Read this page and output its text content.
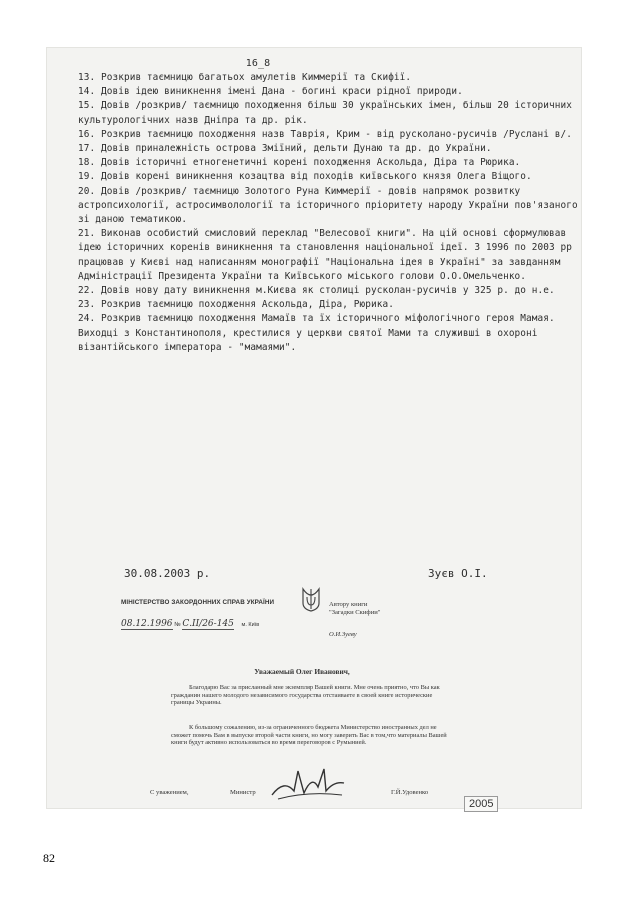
16_8

13. Розкрив таємницю багатьох амулетів Киммерії та Скифії.

14. Довів ідею виникнення імені Дана - богині краси рідної природи.

15. Довів /розкрив/ таємницю походження більш 30 українських імен, більш 20 історичних культурологічних назв Дніпра та др. рік.

16. Розкрив таємницю походження назв Таврія, Крим - від русколано-русичів /Руслані в/.

17. Довів приналежність острова Зміїний, дельти Дунаю та др. до України.

18. Довів історичні етногенетичні корені походження Аскольда, Діра та Рюрика.

19. Довів корені виникнення козацтва від походів київського князя Олега Віщого.

20. Довів /розкрив/ таємницю Золотого Руна Киммерії - довів напрямок розвитку астропсихології, астросимволології та історичного пріоритету народу України пов'язаного зі даною тематикою.

21. Виконав особистий смисловий переклад "Велесової книги". На цій основі сформулював ідею історичних коренів виникнення та становлення національної ідеї. З 1996 по 2003 рр працював у Києві над написанням монографії "Національна ідея в Україні" за завданням Адміністрації Президента України та Київського міського голови О.О.Омельченко.

22. Довів нову дату виникнення м.Києва як столиці русколан-русичів у 325 р. до н.е.

23. Розкрив таємницю походження Аскольда, Діра, Рюрика.

24. Розкрив таємницю походження Мамаїв та їх історичного міфологічного героя Мамая. Виходці з Константинополя, крестилися у церкви святої Мами та служивші в охороні візантійського імператора - "мамаями".

30.08.2003 р.	Зуєв О.І.
МІНІСТЕРСТВО ЗАКОРДОННИХ СПРАВ УКРАЇНИ
08.12.1996 № С.II/26-145 м. Київ
Автору книги
"Загадки Скифии"
О.И.Зуеву
Уважаемый Олег Иванович,

Благодарю Вас за присланный мне экземпляр Вашей книги. Мне очень приятно, что Вы как гражданин нашего молодого независимого государства отстаиваете в своей книге исторические границы Украины.

К большому сожалению, из-за ограниченного бюджета Министерство иностранных дел не сможет помочь Вам в выпуске второй части книги, но могу заверить Вас в том,что материалы Вашей книги будут активно использоваться во время переговоров с Румынией.

С уважением,	Министр	Г.Й.Удовенко
2005
82
